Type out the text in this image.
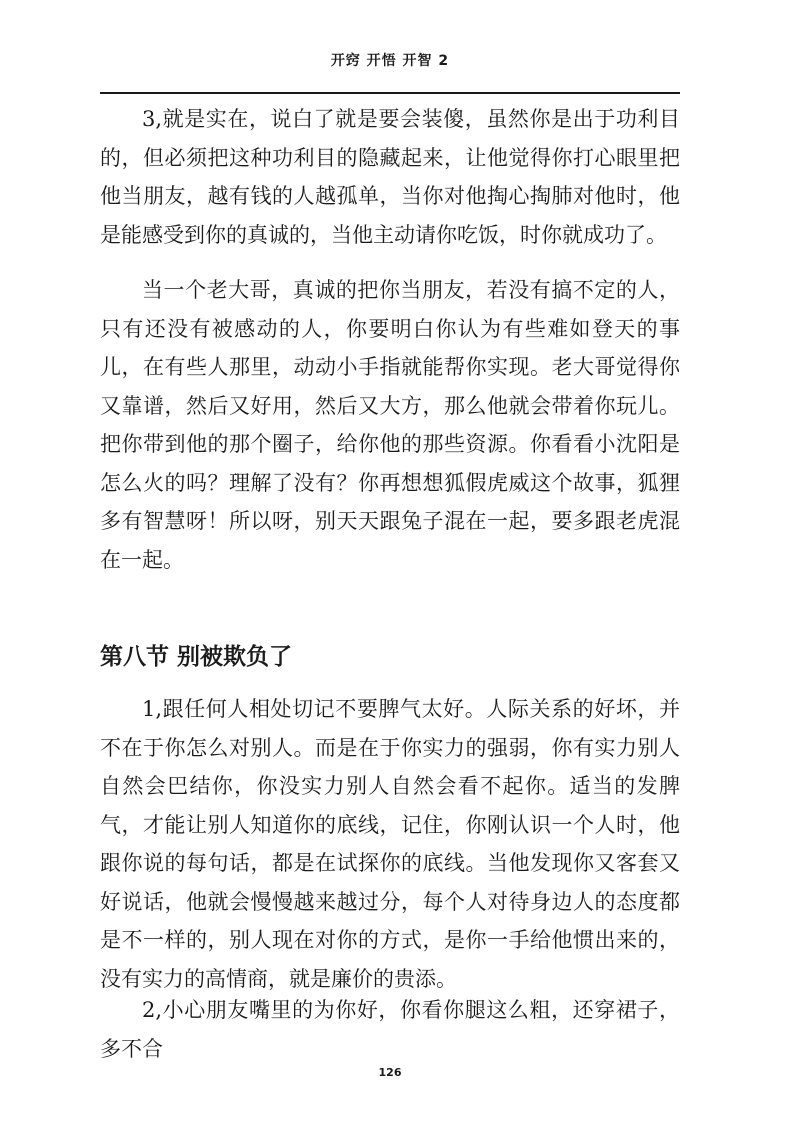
开窍 开悟 开智 2

3,就是实在，说白了就是要会装傻，虽然你是出于功利目的，但必须把这种功利目的隐藏起来，让他觉得你打心眼里把他当朋友，越有钱的人越孤单，当你对他掏心掏肺对他时，他是能感受到你的真诚的，当他主动请你吃饭，时你就成功了。

当一个老大哥，真诚的把你当朋友，若没有搞不定的人，只有还没有被感动的人，你要明白你认为有些难如登天的事儿，在有些人那里，动动小手指就能帮你实现。老大哥觉得你又靠谱，然后又好用，然后又大方，那么他就会带着你玩儿。把你带到他的那个圈子，给你他的那些资源。你看看小沈阳是怎么火的吗？理解了没有？你再想想狐假虎威这个故事，狐狸多有智慧呀！所以呀，别天天跟兔子混在一起，要多跟老虎混在一起。

第八节 别被欺负了

1,跟任何人相处切记不要脾气太好。人际关系的好坏，并不在于你怎么对别人。而是在于你实力的强弱，你有实力别人自然会巴结你，你没实力别人自然会看不起你。适当的发脾气，才能让别人知道你的底线，记住，你刚认识一个人时，他跟你说的每句话，都是在试探你的底线。当他发现你又客套又好说话，他就会慢慢越来越过分，每个人对待身边人的态度都是不一样的，别人现在对你的方式，是你一手给他惯出来的，没有实力的高情商，就是廉价的贵添。

2,小心朋友嘴里的为你好，你看你腿这么粗，还穿裙子，多不合

126
